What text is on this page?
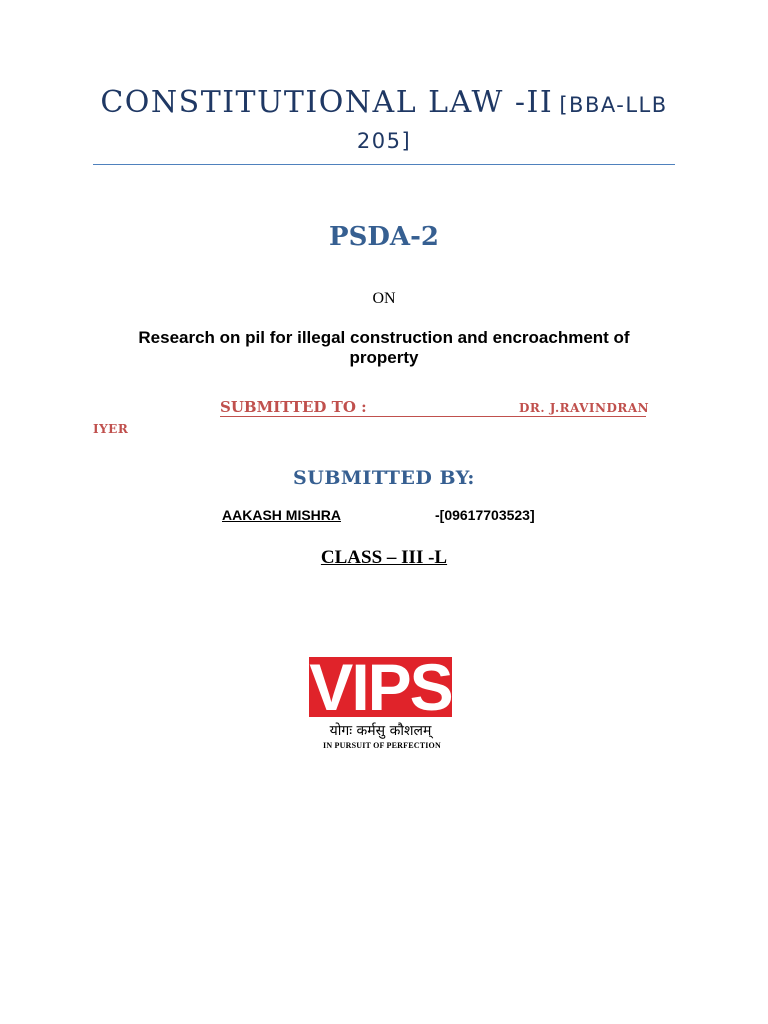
CONSTITUTIONAL LAW -II [BBA-LLB
205]
PSDA-2
ON
Research on pil for illegal construction and encroachment of property
SUBMITTED TO :	DR. J.RAVINDRAN
IYER
SUBMITTED BY:
AAKASH MISHRA	-[09617703523]
CLASS – III -L
VIPS
योगः कर्मसु कौशलम्
IN PURSUIT OF PERFECTION
